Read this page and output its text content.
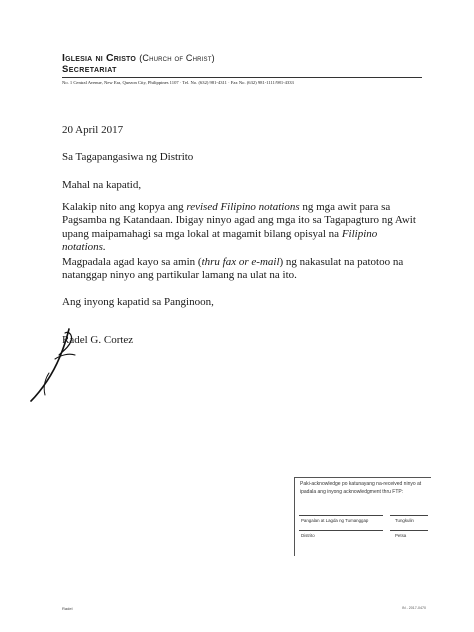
Iglesia ni Cristo (Church of Christ)
Secretariat
No. 1 Central Avenue, New Era, Quezon City, Philippines 1107 · Tel. No. (632) 981-4311 · Fax No. (632) 981-1111/981-4333
20 April 2017
Sa Tagapangasiwa ng Distrito
Mahal na kapatid,
Kalakip nito ang kopya ang revised Filipino notations ng mga awit para sa Pagsamba ng Katandaan. Ibigay ninyo agad ang mga ito sa Tagapagturo ng Awit upang maipamahagi sa mga lokal at magamit bilang opisyal na Filipino notations.
Magpadala agad kayo sa amin (thru fax or e-mail) ng nakasulat na patotoo na natanggap ninyo ang partikular lamang na ulat na ito.
Ang inyong kapatid sa Panginoon,
Radel G. Cortez
Paki-acknowledge po katunayang na-received ninyo at ipadala ang inyong acknowledgment thru FTP:
Pangalan at Lagda ng Tumanggap	Tungkulin
Distrito	Petsa
Radel	IN - 2017-0470
